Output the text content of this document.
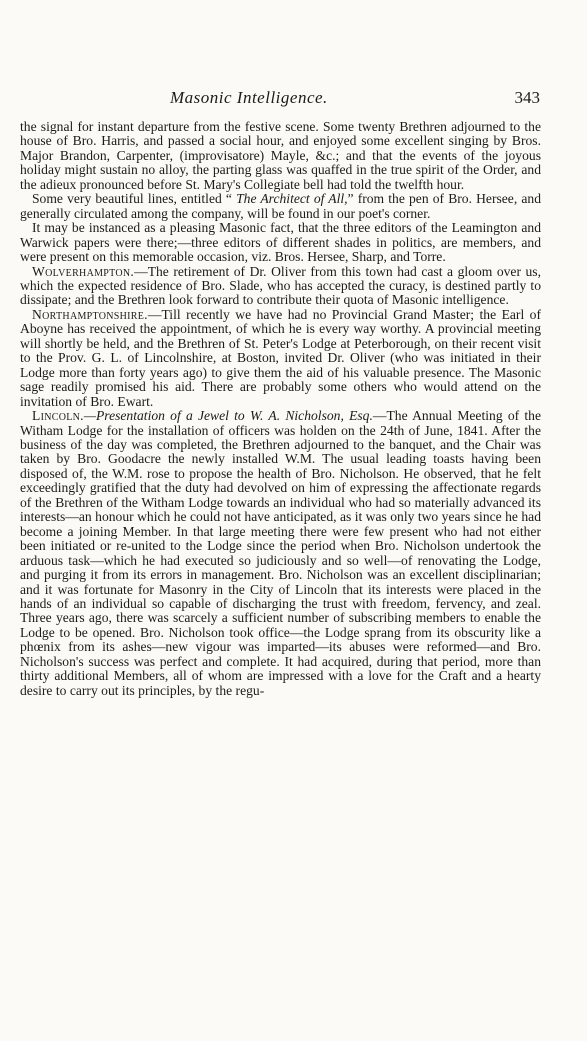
Masonic Intelligence.	343

the signal for instant departure from the festive scene. Some twenty Brethren adjourned to the house of Bro. Harris, and passed a social hour, and enjoyed some excellent singing by Bros. Major Brandon, Carpenter, (improvisatore) Mayle, &c.; and that the events of the joyous holiday might sustain no alloy, the parting glass was quaffed in the true spirit of the Order, and the adieux pronounced before St. Mary's Collegiate bell had told the twelfth hour.

Some very beautiful lines, entitled “ The Architect of All,” from the pen of Bro. Hersee, and generally circulated among the company, will be found in our poet's corner.

It may be instanced as a pleasing Masonic fact, that the three editors of the Leamington and Warwick papers were there;—three editors of different shades in politics, are members, and were present on this memorable occasion, viz. Bros. Hersee, Sharp, and Torre.

Wolverhampton.—The retirement of Dr. Oliver from this town had cast a gloom over us, which the expected residence of Bro. Slade, who has accepted the curacy, is destined partly to dissipate; and the Brethren look forward to contribute their quota of Masonic intelligence.

Northamptonshire.—Till recently we have had no Provincial Grand Master; the Earl of Aboyne has received the appointment, of which he is every way worthy. A provincial meeting will shortly be held, and the Brethren of St. Peter's Lodge at Peterborough, on their recent visit to the Prov. G. L. of Lincolnshire, at Boston, invited Dr. Oliver (who was initiated in their Lodge more than forty years ago) to give them the aid of his valuable presence. The Masonic sage readily promised his aid. There are probably some others who would attend on the invitation of Bro. Ewart.

Lincoln.—Presentation of a Jewel to W. A. Nicholson, Esq.—The Annual Meeting of the Witham Lodge for the installation of officers was holden on the 24th of June, 1841. After the business of the day was completed, the Brethren adjourned to the banquet, and the Chair was taken by Bro. Goodacre the newly installed W.M. The usual leading toasts having been disposed of, the W.M. rose to propose the health of Bro. Nicholson. He observed, that he felt exceedingly gratified that the duty had devolved on him of expressing the affectionate regards of the Brethren of the Witham Lodge towards an individual who had so materially advanced its interests—an honour which he could not have anticipated, as it was only two years since he had become a joining Member. In that large meeting there were few present who had not either been initiated or re-united to the Lodge since the period when Bro. Nicholson undertook the arduous task—which he had executed so judiciously and so well—of renovating the Lodge, and purging it from its errors in management. Bro. Nicholson was an excellent disciplinarian; and it was fortunate for Masonry in the City of Lincoln that its interests were placed in the hands of an individual so capable of discharging the trust with freedom, fervency, and zeal. Three years ago, there was scarcely a sufficient number of subscribing members to enable the Lodge to be opened. Bro. Nicholson took office—the Lodge sprang from its obscurity like a phœnix from its ashes—new vigour was imparted—its abuses were reformed—and Bro. Nicholson's success was perfect and complete. It had acquired, during that period, more than thirty additional Members, all of whom are impressed with a love for the Craft and a hearty desire to carry out its principles, by the regu-
